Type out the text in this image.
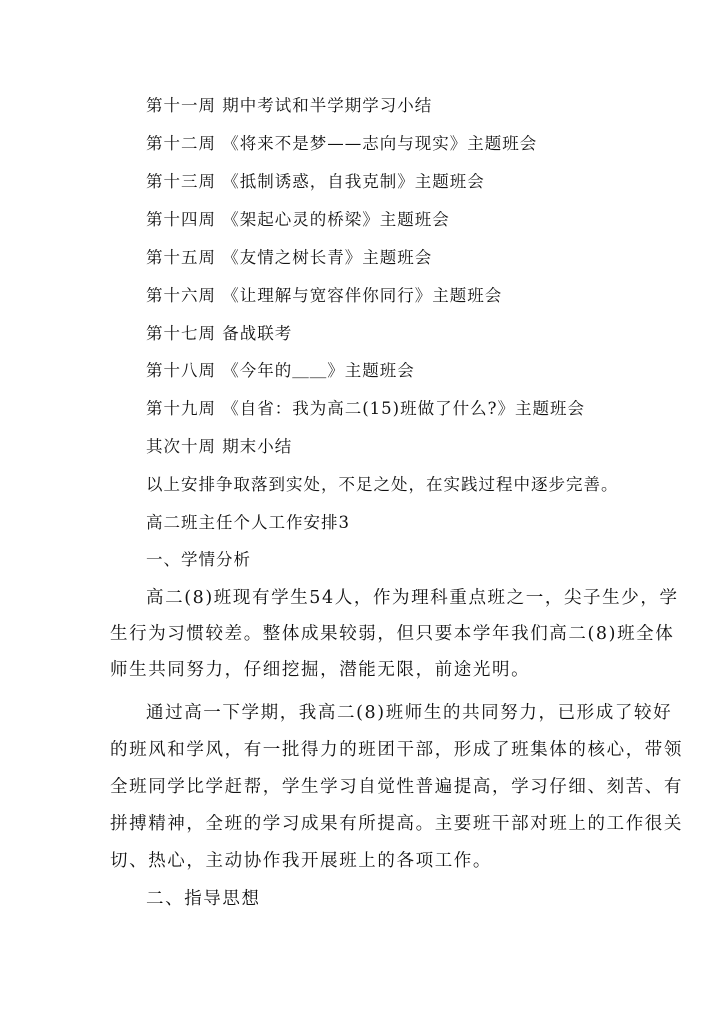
第十一周 期中考试和半学期学习小结
第十二周 《将来不是梦——志向与现实》主题班会
第十三周 《抵制诱惑，自我克制》主题班会
第十四周 《架起心灵的桥梁》主题班会
第十五周 《友情之树长青》主题班会
第十六周 《让理解与宽容伴你同行》主题班会
第十七周 备战联考
第十八周 《今年的＿＿》主题班会
第十九周 《自省：我为高二(15)班做了什么?》主题班会
其次十周 期末小结
以上安排争取落到实处，不足之处，在实践过程中逐步完善。
高二班主任个人工作安排3
一、学情分析
高二(8)班现有学生54人，作为理科重点班之一，尖子生少，学
生行为习惯较差。整体成果较弱，但只要本学年我们高二(8)班全体
师生共同努力，仔细挖掘，潜能无限，前途光明。
通过高一下学期，我高二(8)班师生的共同努力，已形成了较好
的班风和学风，有一批得力的班团干部，形成了班集体的核心，带领
全班同学比学赶帮，学生学习自觉性普遍提高，学习仔细、刻苦、有
拼搏精神，全班的学习成果有所提高。主要班干部对班上的工作很关
切、热心，主动协作我开展班上的各项工作。
二、指导思想
